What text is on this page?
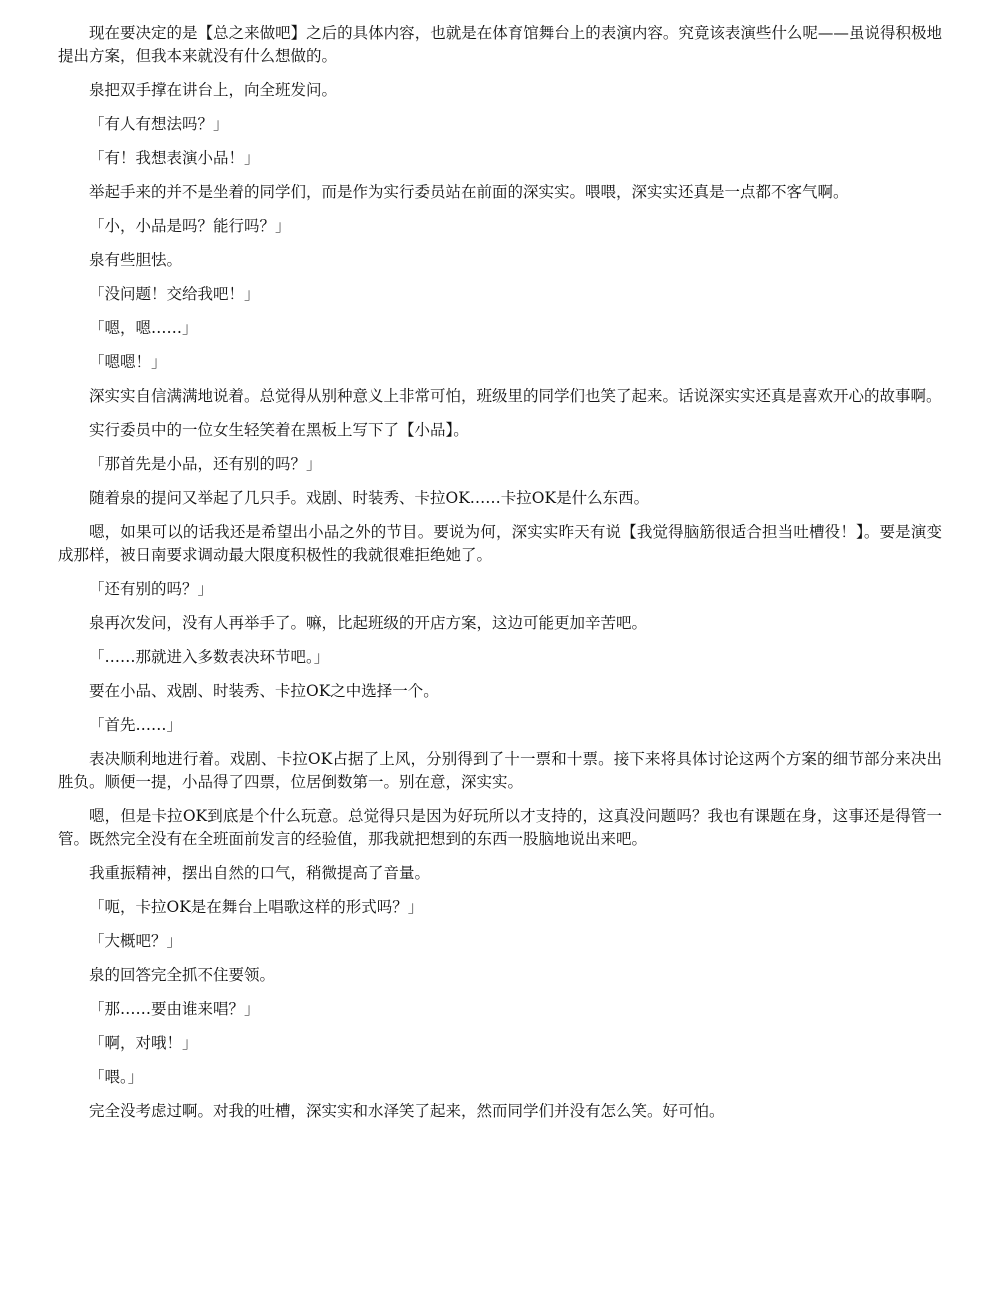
现在要决定的是【总之来做吧】之后的具体内容，也就是在体育馆舞台上的表演内容。究竟该表演些什么呢——虽说得积极地提出方案，但我本来就没有什么想做的。

泉把双手撑在讲台上，向全班发问。

「有人有想法吗？」

「有！我想表演小品！」

举起手来的并不是坐着的同学们，而是作为实行委员站在前面的深实实。喂喂，深实实还真是一点都不客气啊。

「小，小品是吗？能行吗？」

泉有些胆怯。

「没问题！交给我吧！」

「嗯，嗯……」

「嗯嗯！」

深实实自信满满地说着。总觉得从别种意义上非常可怕，班级里的同学们也笑了起来。话说深实实还真是喜欢开心的故事啊。

实行委员中的一位女生轻笑着在黑板上写下了【小品】。

「那首先是小品，还有别的吗？」

随着泉的提问又举起了几只手。戏剧、时装秀、卡拉OK……卡拉OK是什么东西。

嗯，如果可以的话我还是希望出小品之外的节目。要说为何，深实实昨天有说【我觉得脑筋很适合担当吐槽役！】。要是演变成那样，被日南要求调动最大限度积极性的我就很难拒绝她了。

「还有别的吗？」

泉再次发问，没有人再举手了。嘛，比起班级的开店方案，这边可能更加辛苦吧。

「……那就进入多数表决环节吧。」

要在小品、戏剧、时装秀、卡拉OK之中选择一个。

「首先……」

表决顺利地进行着。戏剧、卡拉OK占据了上风，分别得到了十一票和十票。接下来将具体讨论这两个方案的细节部分来决出胜负。顺便一提，小品得了四票，位居倒数第一。别在意，深实实。

嗯，但是卡拉OK到底是个什么玩意。总觉得只是因为好玩所以才支持的，这真没问题吗？我也有课题在身，这事还是得管一管。既然完全没有在全班面前发言的经验值，那我就把想到的东西一股脑地说出来吧。

我重振精神，摆出自然的口气，稍微提高了音量。

「呃，卡拉OK是在舞台上唱歌这样的形式吗？」

「大概吧？」

泉的回答完全抓不住要领。

「那……要由谁来唱？」

「啊，对哦！」

「喂。」

完全没考虑过啊。对我的吐槽，深实实和水泽笑了起来，然而同学们并没有怎么笑。好可怕。
